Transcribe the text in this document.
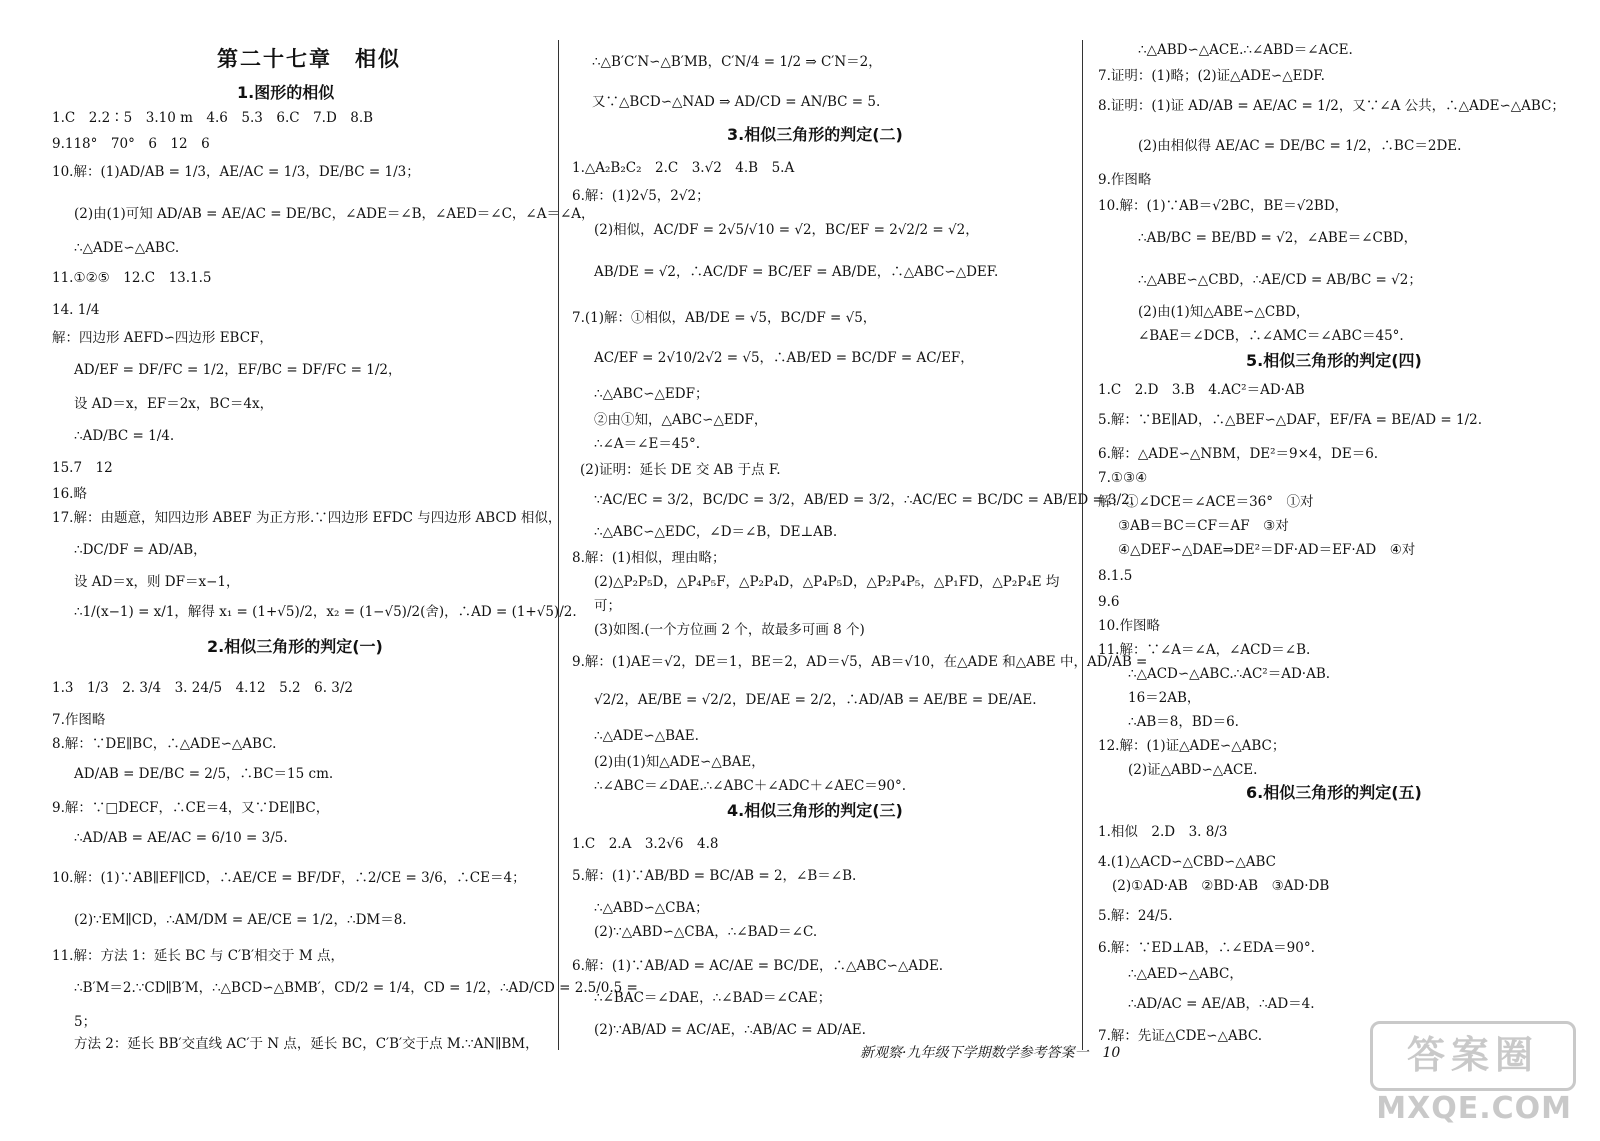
第二十七章　相似
1.图形的相似
1.C　2.2∶5　3.10 m　4.6　5.3　6.C　7.D　8.B
9.118°　70°　6　12　6
10.解：(1)AD/AB = 1/3，AE/AC = 1/3，DE/BC = 1/3；
(2)由(1)可知 AD/AB = AE/AC = DE/BC，∠ADE＝∠B，∠AED＝∠C，∠A＝∠A，
∴△ADE∽△ABC.
11.①②⑤　12.C　13.1.5
14. 1/4
解：四边形 AEFD∽四边形 EBCF，
AD/EF = DF/FC = 1/2，EF/BC = DF/FC = 1/2，
设 AD＝x，EF＝2x，BC＝4x，
∴AD/BC = 1/4.
15.7　12
16.略
17.解：由题意，知四边形 ABEF 为正方形.∵四边形 EFDC 与四边形 ABCD 相似，
∴DC/DF = AD/AB，
设 AD＝x，则 DF＝x−1，
∴1/(x−1) = x/1，解得 x₁ = (1+√5)/2，x₂ = (1−√5)/2(舍)，∴AD = (1+√5)/2.
2.相似三角形的判定(一)
1.3　1/3　2. 3/4　3. 24/5　4.12　5.2　6. 3/2
7.作图略
8.解：∵DE∥BC，∴△ADE∽△ABC.
AD/AB = DE/BC = 2/5，∴BC＝15 cm.
9.解：∵□DECF，∴CE＝4，又∵DE∥BC，
∴AD/AB = AE/AC = 6/10 = 3/5.
10.解：(1)∵AB∥EF∥CD，∴AE/CE = BF/DF，∴2/CE = 3/6，∴CE＝4；
(2)∵EM∥CD，∴AM/DM = AE/CE = 1/2，∴DM＝8.
11.解：方法 1：延长 BC 与 C′B′相交于 M 点，
∴B′M＝2.∵CD∥B′M，∴△BCD∽△BMB′，CD/2 = 1/4，CD = 1/2，∴AD/CD = 2.5/0.5 =
5；
方法 2：延长 BB′交直线 AC′于 N 点，延长 BC，C′B′交于点 M.∵AN∥BM，
∴△B′C′N∽△B′MB，C′N/4 = 1/2 ⇒ C′N＝2，
又∵△BCD∽△NAD ⇒ AD/CD = AN/BC = 5.
3.相似三角形的判定(二)
1.△A₂B₂C₂　2.C　3.√2　4.B　5.A
6.解：(1)2√5，2√2；
(2)相似，AC/DF = 2√5/√10 = √2，BC/EF = 2√2/2 = √2，
AB/DE = √2，∴AC/DF = BC/EF = AB/DE，∴△ABC∽△DEF.
7.(1)解：①相似，AB/DE = √5，BC/DF = √5，
AC/EF = 2√10/2√2 = √5，∴AB/ED = BC/DF = AC/EF，
∴△ABC∽△EDF；
②由①知，△ABC∽△EDF，
∴∠A＝∠E＝45°.
(2)证明：延长 DE 交 AB 于点 F.
∵AC/EC = 3/2，BC/DC = 3/2，AB/ED = 3/2，∴AC/EC = BC/DC = AB/ED = 3/2，
∴△ABC∽△EDC，∠D＝∠B，DE⊥AB.
8.解：(1)相似，理由略；
(2)△P₂P₅D，△P₄P₅F，△P₂P₄D，△P₄P₅D，△P₂P₄P₅，△P₁FD，△P₂P₄E 均
可；
(3)如图.(一个方位画 2 个，故最多可画 8 个)
9.解：(1)AE＝√2，DE＝1，BE＝2，AD＝√5，AB＝√10，在△ADE 和△ABE 中，AD/AB =
√2/2，AE/BE = √2/2，DE/AE = 2/2，∴AD/AB = AE/BE = DE/AE.
∴△ADE∽△BAE.
(2)由(1)知△ADE∽△BAE，
∴∠ABC＝∠DAE.∴∠ABC＋∠ADC＋∠AEC＝90°.
4.相似三角形的判定(三)
1.C　2.A　3.2√6　4.8
5.解：(1)∵AB/BD = BC/AB = 2，∠B＝∠B.
∴△ABD∽△CBA；
(2)∵△ABD∽△CBA，∴∠BAD＝∠C.
6.解：(1)∵AB/AD = AC/AE = BC/DE，∴△ABC∽△ADE.
∴∠BAC＝∠DAE，∴∠BAD＝∠CAE；
(2)∵AB/AD = AC/AE，∴AB/AC = AD/AE.
∴△ABD∽△ACE.∴∠ABD＝∠ACE.
7.证明：(1)略；(2)证△ADE∽△EDF.
8.证明：(1)证 AD/AB = AE/AC = 1/2，又∵∠A 公共，∴△ADE∽△ABC；
(2)由相似得 AE/AC = DE/BC = 1/2，∴BC＝2DE.
9.作图略
10.解：(1)∵AB＝√2BC，BE＝√2BD，
∴AB/BC = BE/BD = √2，∠ABE＝∠CBD，
∴△ABE∽△CBD，∴AE/CD = AB/BC = √2；
(2)由(1)知△ABE∽△CBD，
∠BAE＝∠DCB，∴∠AMC＝∠ABC＝45°.
5.相似三角形的判定(四)
1.C　2.D　3.B　4.AC²＝AD·AB
5.解：∵BE∥AD，∴△BEF∽△DAF，EF/FA = BE/AD = 1/2.
6.解：△ADE∽△NBM，DE²＝9×4，DE＝6.
7.①③④
解：①∠DCE＝∠ACE＝36°　①对
③AB＝BC＝CF＝AF　③对
④△DEF∽△DAE⇒DE²＝DF·AD＝EF·AD　④对
8.1.5
9.6
10.作图略
11.解：∵∠A＝∠A，∠ACD＝∠B.
∴△ACD∽△ABC.∴AC²＝AD·AB.
16＝2AB，
∴AB＝8，BD＝6.
12.解：(1)证△ADE∽△ABC；
(2)证△ABD∽△ACE.
6.相似三角形的判定(五)
1.相似　2.D　3. 8/3
4.(1)△ACD∽△CBD∽△ABC
(2)①AD·AB　②BD·AB　③AD·DB
5.解：24/5.
6.解：∵ED⊥AB，∴∠EDA＝90°.
∴△AED∽△ABC，
∴AD/AC = AE/AB，∴AD＝4.
7.解：先证△CDE∽△ABC.
新观察·九年级下学期数学参考答案一　10	答案圈
MXQE.COM
